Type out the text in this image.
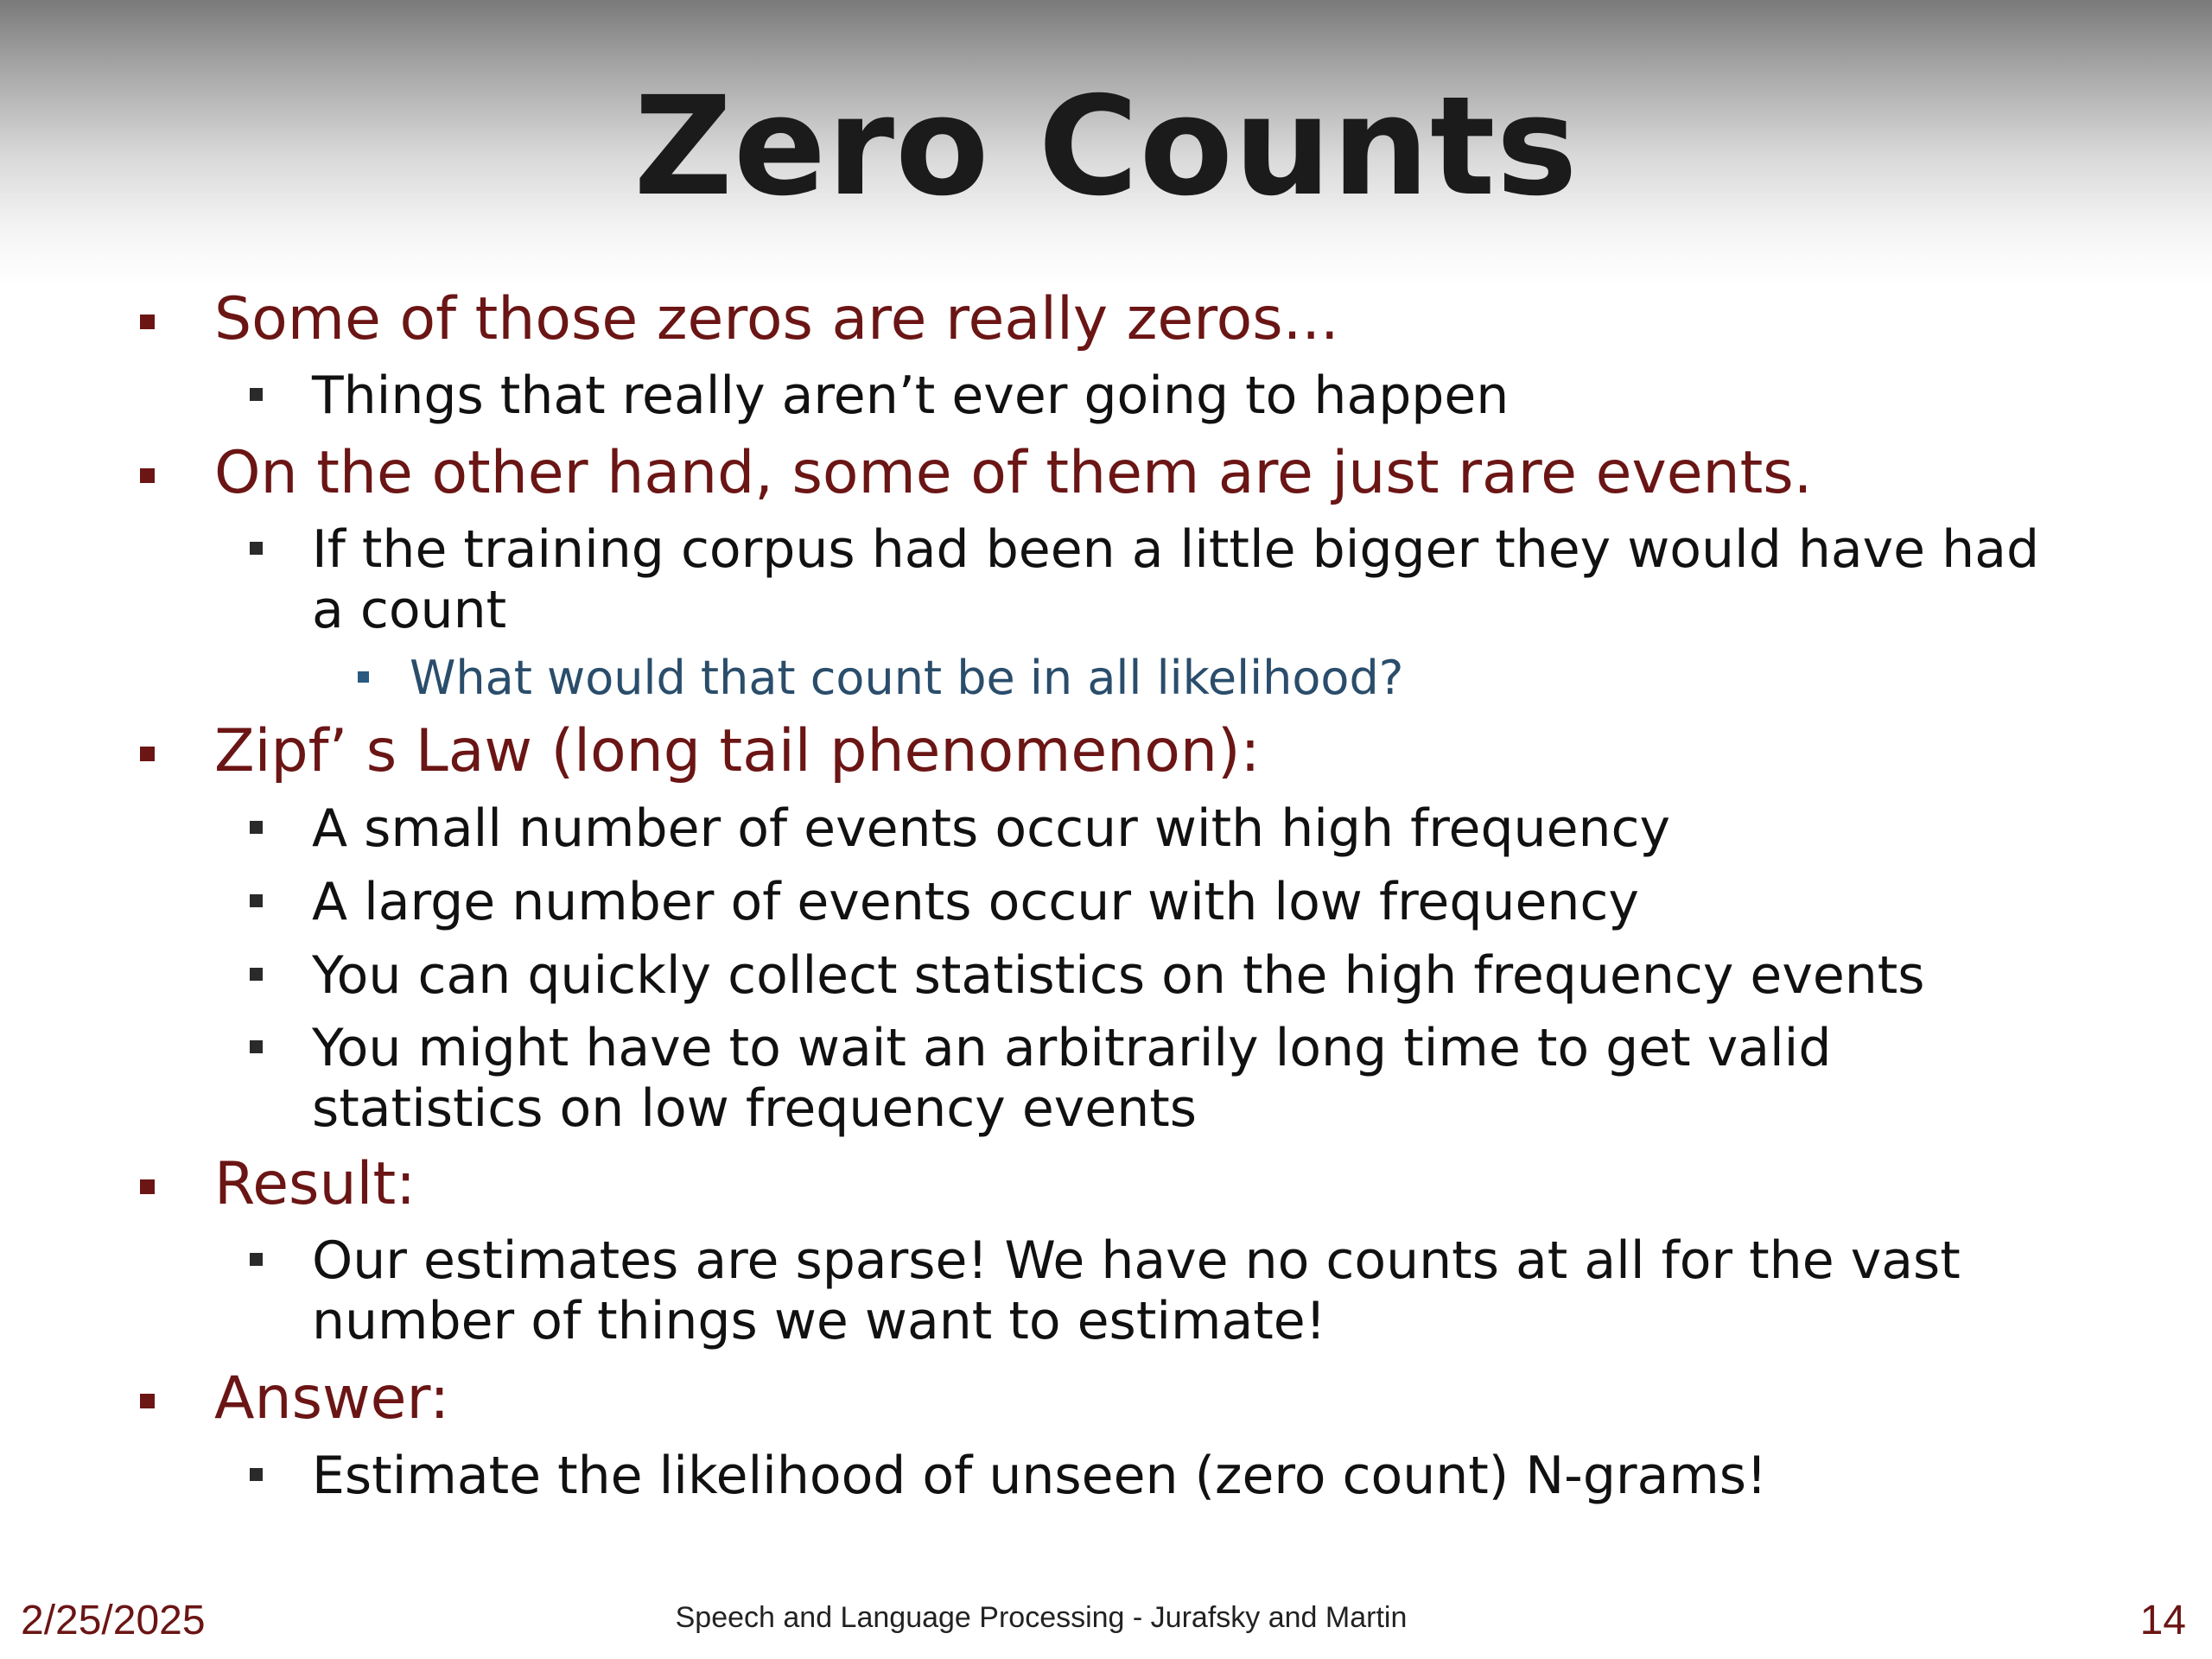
Zero Counts
Some of those zeros are really zeros...
Things that really aren’t ever going to happen
On the other hand, some of them are just rare events.
If the training corpus had been a little bigger they would have had a count
What would that count be in all likelihood?
Zipf’ s Law (long tail phenomenon):
A small number of events occur with high frequency
A large number of events occur with low frequency
You can quickly collect statistics on the high frequency events
You might have to wait an arbitrarily long time to get valid statistics on low frequency events
Result:
Our estimates are sparse! We have no counts at all for the vast number of things we want to estimate!
Answer:
Estimate the likelihood of unseen (zero count) N-grams!
2/25/2025	Speech and Language Processing - Jurafsky and Martin	14
